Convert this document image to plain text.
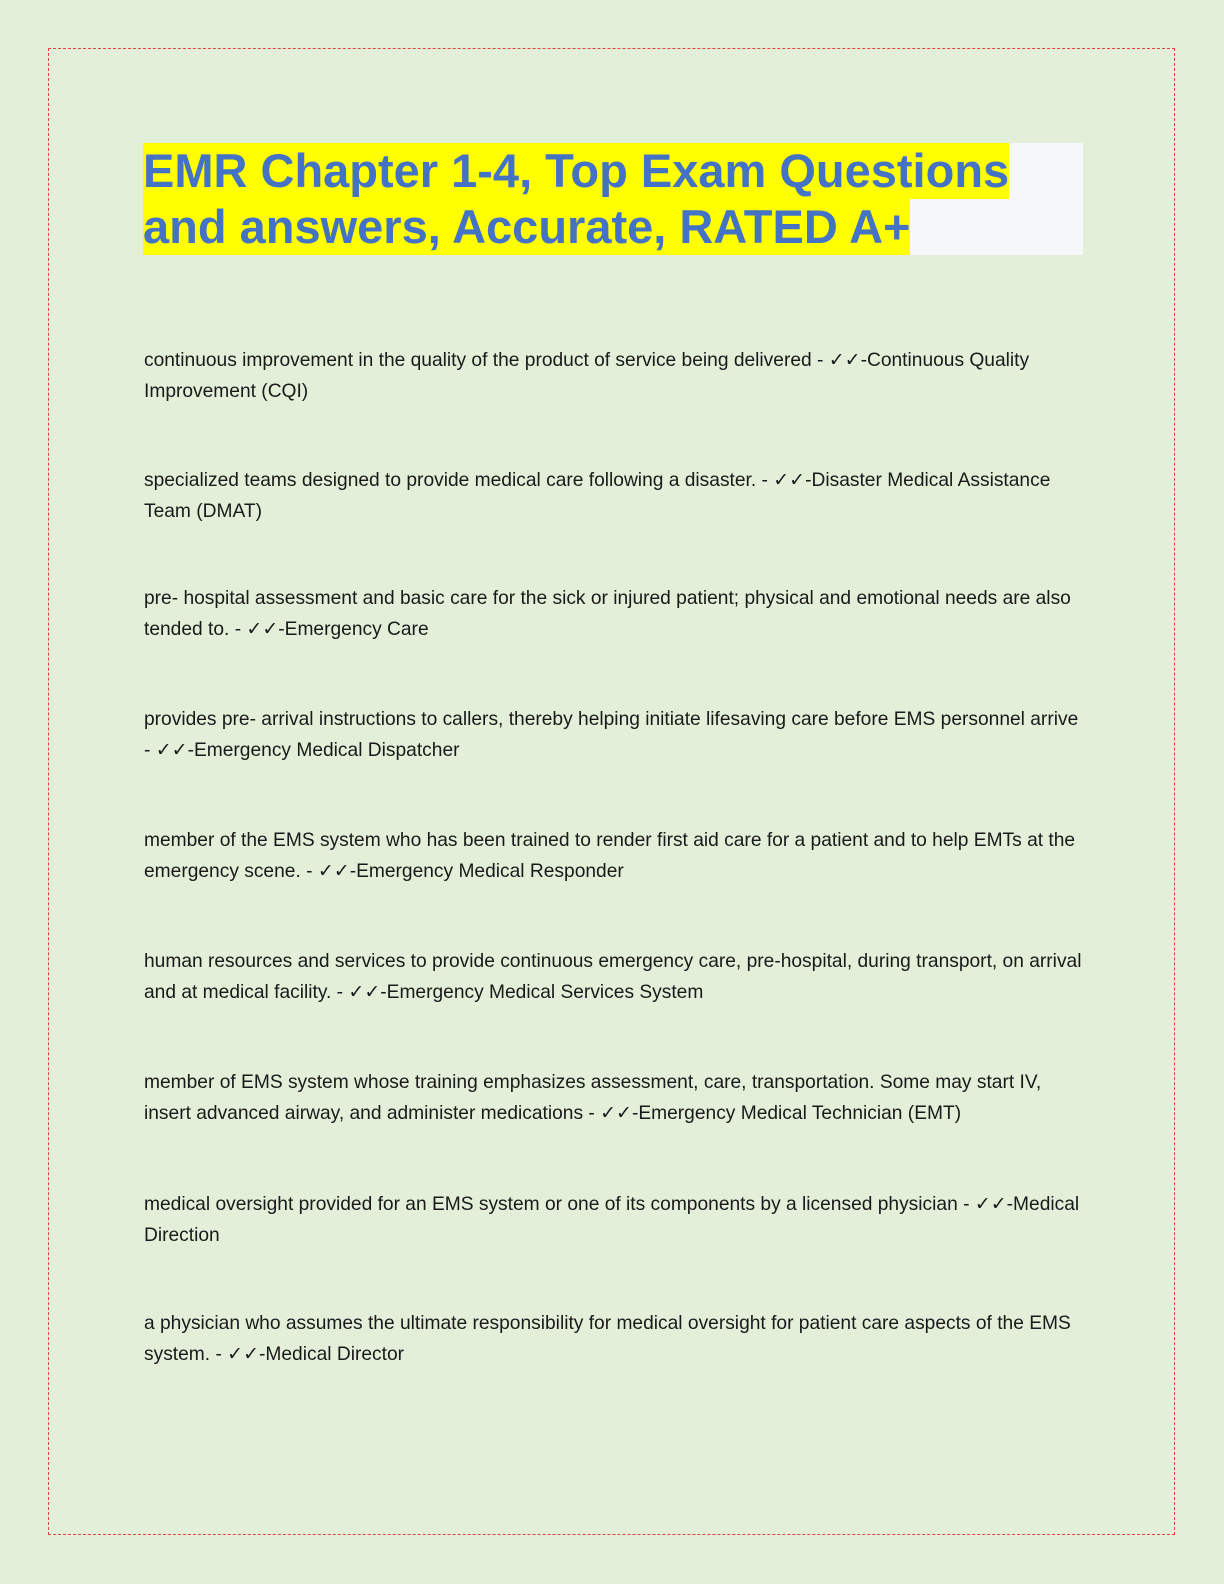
EMR Chapter 1-4, Top Exam Questions
and answers, Accurate, RATED A+
continuous improvement in the quality of the product of service being delivered - ✓✓-Continuous Quality Improvement (CQI)
specialized teams designed to provide medical care following a disaster. - ✓✓-Disaster Medical Assistance Team (DMAT)
pre- hospital assessment and basic care for the sick or injured patient; physical and emotional needs are also tended to. - ✓✓-Emergency Care
provides pre- arrival instructions to callers, thereby helping initiate lifesaving care before EMS personnel arrive - ✓✓-Emergency Medical Dispatcher
member of the EMS system who has been trained to render first aid care for a patient and to help EMTs at the emergency scene. - ✓✓-Emergency Medical Responder
human resources and services to provide continuous emergency care, pre-hospital, during transport, on arrival and at medical facility. - ✓✓-Emergency Medical Services System
member of EMS system whose training emphasizes assessment, care, transportation. Some may start IV, insert advanced airway, and administer medications - ✓✓-Emergency Medical Technician (EMT)
medical oversight provided for an EMS system or one of its components by a licensed physician - ✓✓-Medical Direction
a physician who assumes the ultimate responsibility for medical oversight for patient care aspects of the EMS system. - ✓✓-Medical Director
